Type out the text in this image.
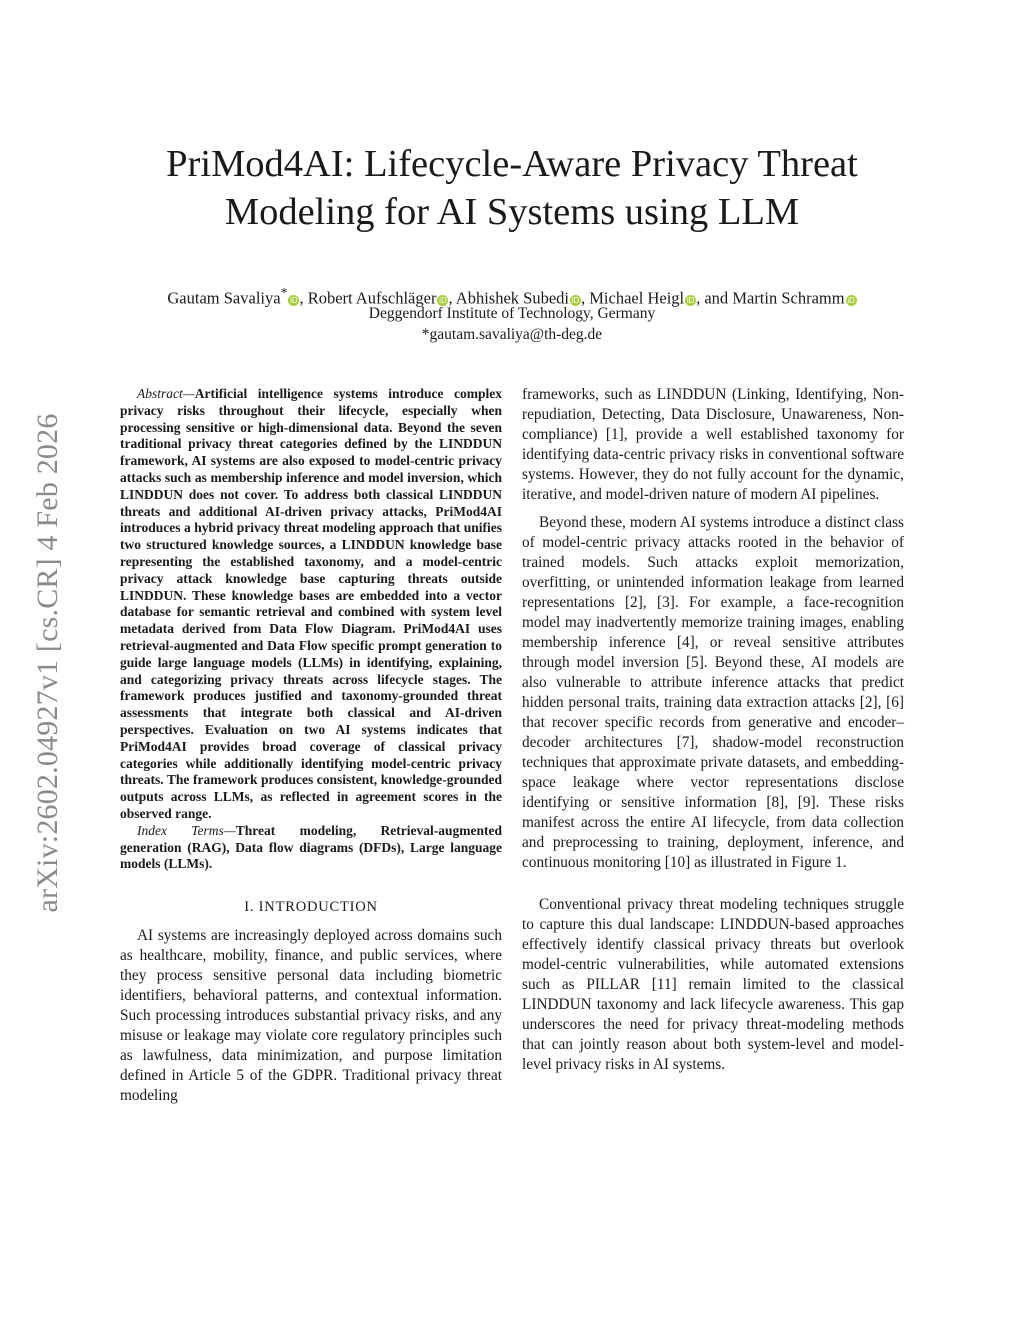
arXiv:2602.04927v1 [cs.CR] 4 Feb 2026
PriMod4AI: Lifecycle-Aware Privacy Threat
Modeling for AI Systems using LLM
Gautam Savaliya* iD , Robert Aufschläger iD , Abhishek Subedi iD , Michael Heigl iD , and Martin Schramm iD
Deggendorf Institute of Technology, Germany
*gautam.savaliya@th-deg.de

Abstract—Artificial intelligence systems introduce complex privacy risks throughout their lifecycle, especially when processing sensitive or high-dimensional data. Beyond the seven traditional privacy threat categories defined by the LINDDUN framework, AI systems are also exposed to model-centric privacy attacks such as membership inference and model inversion, which LINDDUN does not cover. To address both classical LINDDUN threats and additional AI-driven privacy attacks, PriMod4AI introduces a hybrid privacy threat modeling approach that unifies two structured knowledge sources, a LINDDUN knowledge base representing the established taxonomy, and a model-centric privacy attack knowledge base capturing threats outside LINDDUN. These knowledge bases are embedded into a vector database for semantic retrieval and combined with system level metadata derived from Data Flow Diagram. PriMod4AI uses retrieval-augmented and Data Flow specific prompt generation to guide large language models (LLMs) in identifying, explaining, and categorizing privacy threats across lifecycle stages. The framework produces justified and taxonomy-grounded threat assessments that integrate both classical and AI-driven perspectives. Evaluation on two AI systems indicates that PriMod4AI provides broad coverage of classical privacy categories while additionally identifying model-centric privacy threats. The framework produces consistent, knowledge-grounded outputs across LLMs, as reflected in agreement scores in the observed range.

Index Terms—Threat modeling, Retrieval-augmented generation (RAG), Data flow diagrams (DFDs), Large language models (LLMs).

I. INTRODUCTION

AI systems are increasingly deployed across domains such as healthcare, mobility, finance, and public services, where they process sensitive personal data including biometric identifiers, behavioral patterns, and contextual information. Such processing introduces substantial privacy risks, and any misuse or leakage may violate core regulatory principles such as lawfulness, data minimization, and purpose limitation defined in Article 5 of the GDPR. Traditional privacy threat modeling

frameworks, such as LINDDUN (Linking, Identifying, Non-repudiation, Detecting, Data Disclosure, Unawareness, Non-compliance) [1], provide a well established taxonomy for identifying data-centric privacy risks in conventional software systems. However, they do not fully account for the dynamic, iterative, and model-driven nature of modern AI pipelines.

Beyond these, modern AI systems introduce a distinct class of model-centric privacy attacks rooted in the behavior of trained models. Such attacks exploit memorization, overfitting, or unintended information leakage from learned representations [2], [3]. For example, a face-recognition model may inadvertently memorize training images, enabling membership inference [4], or reveal sensitive attributes through model inversion [5]. Beyond these, AI models are also vulnerable to attribute inference attacks that predict hidden personal traits, training data extraction attacks [2], [6] that recover specific records from generative and encoder–decoder architectures [7], shadow-model reconstruction techniques that approximate private datasets, and embedding-space leakage where vector representations disclose identifying or sensitive information [8], [9]. These risks manifest across the entire AI lifecycle, from data collection and preprocessing to training, deployment, inference, and continuous monitoring [10] as illustrated in Figure 1.

Conventional privacy threat modeling techniques struggle to capture this dual landscape: LINDDUN-based approaches effectively identify classical privacy threats but overlook model-centric vulnerabilities, while automated extensions such as PILLAR [11] remain limited to the classical LINDDUN taxonomy and lack lifecycle awareness. This gap underscores the need for privacy threat-modeling methods that can jointly reason about both system-level and model-level privacy risks in AI systems.
